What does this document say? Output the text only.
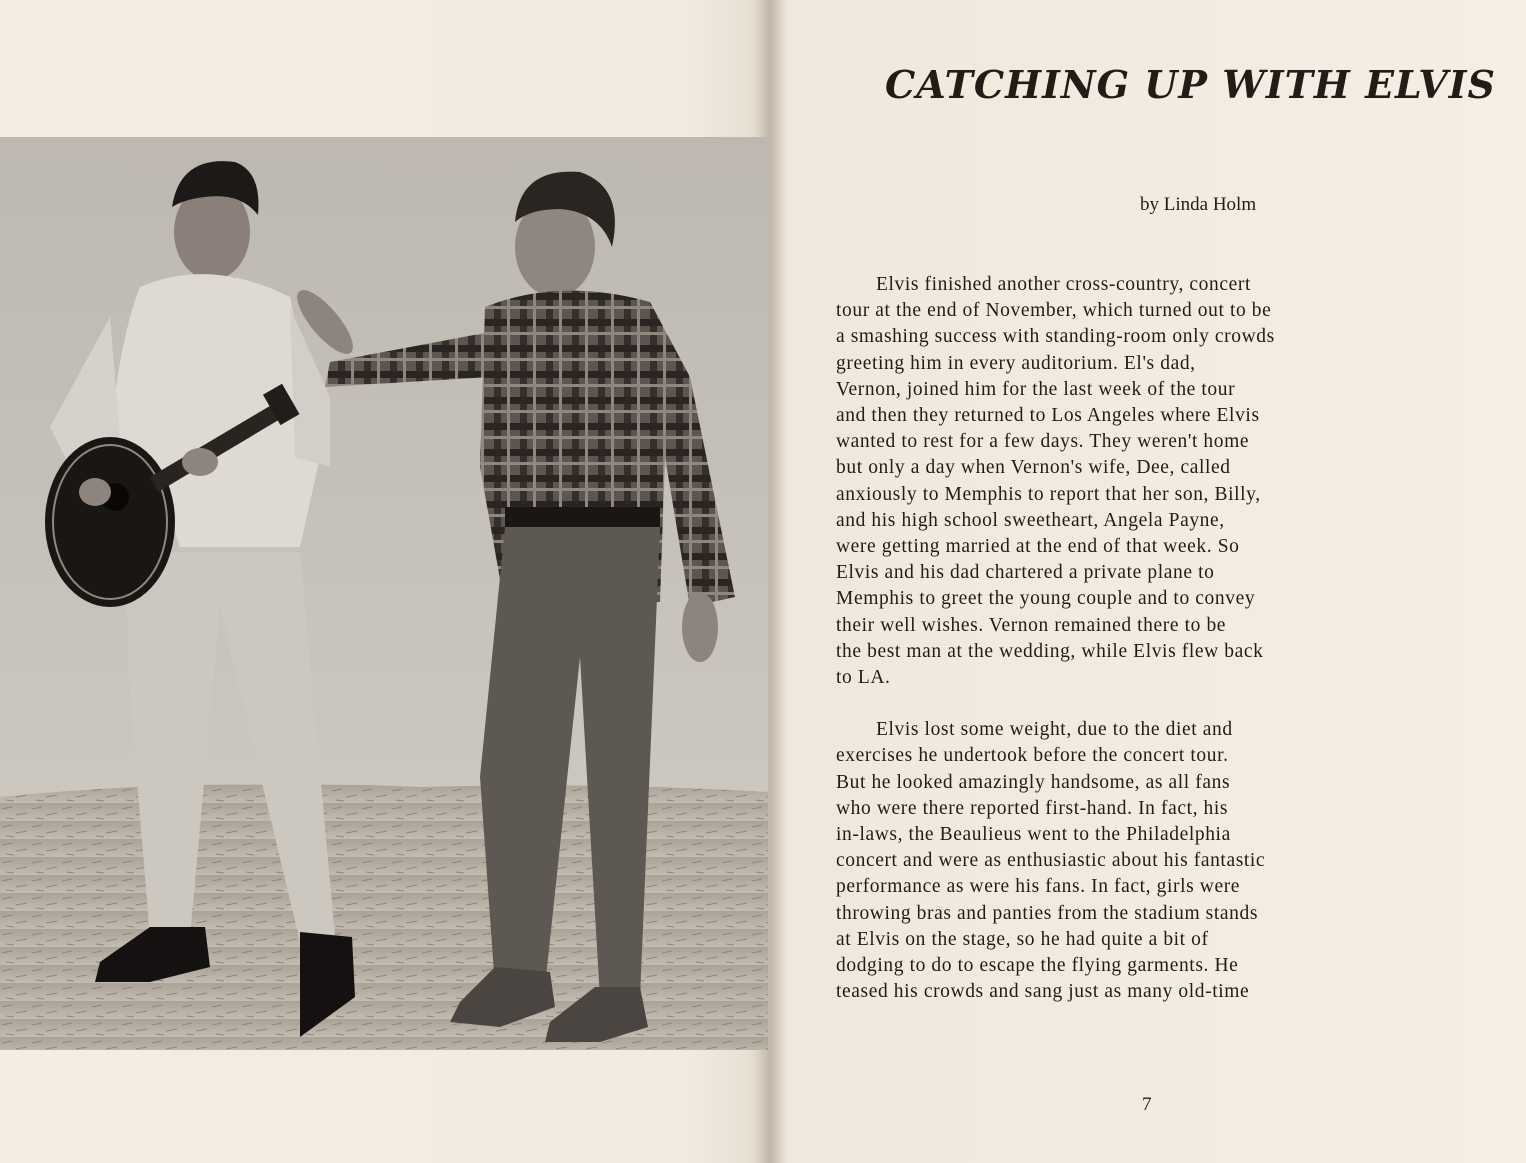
CATCHING UP WITH ELVIS
by Linda Holm
Elvis finished another cross-country, concert
tour at the end of November, which turned out to be
a smashing success with standing-room only crowds
greeting him in every auditorium. El's dad,
Vernon, joined him for the last week of the tour
and then they returned to Los Angeles where Elvis
wanted to rest for a few days. They weren't home
but only a day when Vernon's wife, Dee, called
anxiously to Memphis to report that her son, Billy,
and his high school sweetheart, Angela Payne,
were getting married at the end of that week. So
Elvis and his dad chartered a private plane to
Memphis to greet the young couple and to convey
their well wishes. Vernon remained there to be
the best man at the wedding, while Elvis flew back
to LA.
Elvis lost some weight, due to the diet and
exercises he undertook before the concert tour.
But he looked amazingly handsome, as all fans
who were there reported first-hand. In fact, his
in-laws, the Beaulieus went to the Philadelphia
concert and were as enthusiastic about his fantastic
performance as were his fans. In fact, girls were
throwing bras and panties from the stadium stands
at Elvis on the stage, so he had quite a bit of
dodging to do to escape the flying garments. He
teased his crowds and sang just as many old-time
7
